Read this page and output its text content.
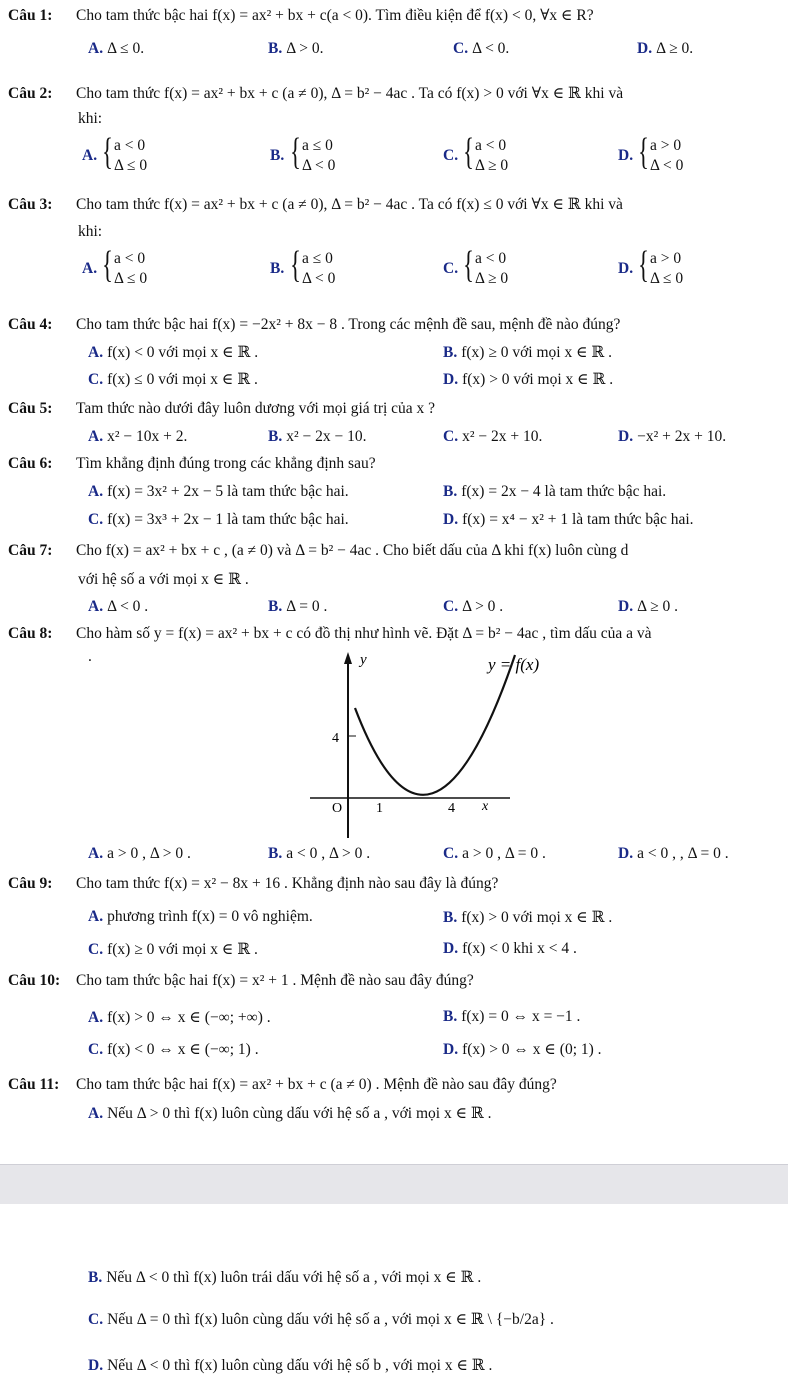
Câu 1: Cho tam thức bậc hai f(x) = ax² + bx + c(a < 0). Tìm điều kiện để f(x) < 0, ∀x ∈ R?
A. Δ ≤ 0.	B. Δ > 0.	C. Δ < 0.	D. Δ ≥ 0.
Câu 2: Cho tam thức f(x) = ax² + bx + c (a ≠ 0), Δ = b² − 4ac . Ta có f(x) > 0 với ∀x ∈ ℝ khi và
khi:
A. { a < 0
Δ ≤ 0
B. { a ≤ 0
Δ < 0
C. { a < 0
Δ ≥ 0
D. { a > 0
Δ < 0
Câu 3: Cho tam thức f(x) = ax² + bx + c (a ≠ 0), Δ = b² − 4ac . Ta có f(x) ≤ 0 với ∀x ∈ ℝ khi và
khi:
A. { a < 0
Δ ≤ 0
B. { a ≤ 0
Δ < 0
C. { a < 0
Δ ≥ 0
D. { a > 0
Δ ≤ 0
Câu 4: Cho tam thức bậc hai f(x) = −2x² + 8x − 8 . Trong các mệnh đề sau, mệnh đề nào đúng?
A. f(x) < 0 với mọi x ∈ ℝ .	B. f(x) ≥ 0 với mọi x ∈ ℝ .
C. f(x) ≤ 0 với mọi x ∈ ℝ .	D. f(x) > 0 với mọi x ∈ ℝ .
Câu 5: Tam thức nào dưới đây luôn dương với mọi giá trị của x ?
A. x² − 10x + 2.	B. x² − 2x − 10.	C. x² − 2x + 10.	D. −x² + 2x + 10.
Câu 6: Tìm khẳng định đúng trong các khẳng định sau?
A. f(x) = 3x² + 2x − 5 là tam thức bậc hai.	B. f(x) = 2x − 4 là tam thức bậc hai.
C. f(x) = 3x³ + 2x − 1 là tam thức bậc hai.	D. f(x) = x⁴ − x² + 1 là tam thức bậc hai.
Câu 7: Cho f(x) = ax² + bx + c , (a ≠ 0) và Δ = b² − 4ac . Cho biết dấu của Δ khi f(x) luôn cùng d
với hệ số a với mọi x ∈ ℝ .
A. Δ < 0 .	B. Δ = 0 .	C. Δ > 0 .	D. Δ ≥ 0 .
Câu 8: Cho hàm số y = f(x) = ax² + bx + c có đồ thị như hình vẽ. Đặt Δ = b² − 4ac , tìm dấu của a và
.	y	y = f(x)
4
O 1	4 x
A. a > 0 , Δ > 0 .	B. a < 0 , Δ > 0 .	C. a > 0 , Δ = 0 .	D. a < 0 , , Δ = 0 .
Câu 9: Cho tam thức f(x) = x² − 8x + 16 . Khẳng định nào sau đây là đúng?
A. phương trình f(x) = 0 vô nghiệm.	B. f(x) > 0 với mọi x ∈ ℝ .
C. f(x) ≥ 0 với mọi x ∈ ℝ .	D. f(x) < 0 khi x < 4 .
Câu 10: Cho tam thức bậc hai f(x) = x² + 1 . Mệnh đề nào sau đây đúng?
A. f(x) > 0 ⇔ x ∈ (−∞; +∞) .	B. f(x) = 0 ⇔ x = −1 .
C. f(x) < 0 ⇔ x ∈ (−∞; 1) .	D. f(x) > 0 ⇔ x ∈ (0; 1) .
Câu 11: Cho tam thức bậc hai f(x) = ax² + bx + c (a ≠ 0) . Mệnh đề nào sau đây đúng?
A. Nếu Δ > 0 thì f(x) luôn cùng dấu với hệ số a , với mọi x ∈ ℝ .
B. Nếu Δ < 0 thì f(x) luôn trái dấu với hệ số a , với mọi x ∈ ℝ .
C. Nếu Δ = 0 thì f(x) luôn cùng dấu với hệ số a , với mọi x ∈ ℝ \ {−b/2a} .
D. Nếu Δ < 0 thì f(x) luôn cùng dấu với hệ số b , với mọi x ∈ ℝ .
